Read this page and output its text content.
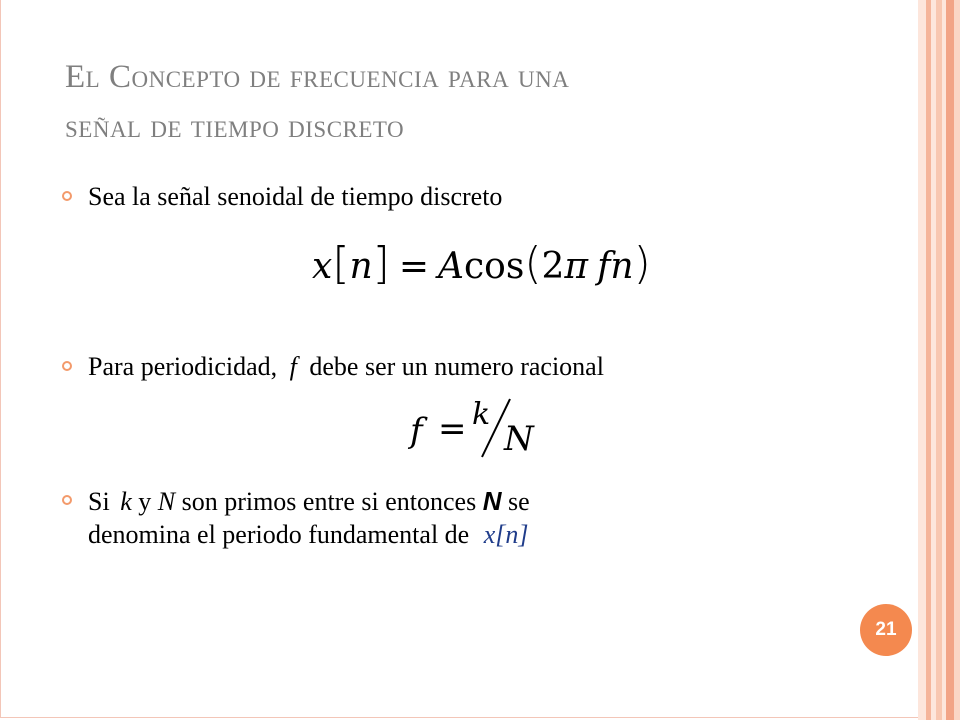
El Concepto de frecuencia para una
señal de tiempo discreto
Sea la señal senoidal de tiempo discreto
x[n] = Acos(2π fn)
Para periodicidad, f debe ser un numero racional
f = k
N
Si k y N son primos entre si entonces N se
denomina el periodo fundamental de x[n]
21
